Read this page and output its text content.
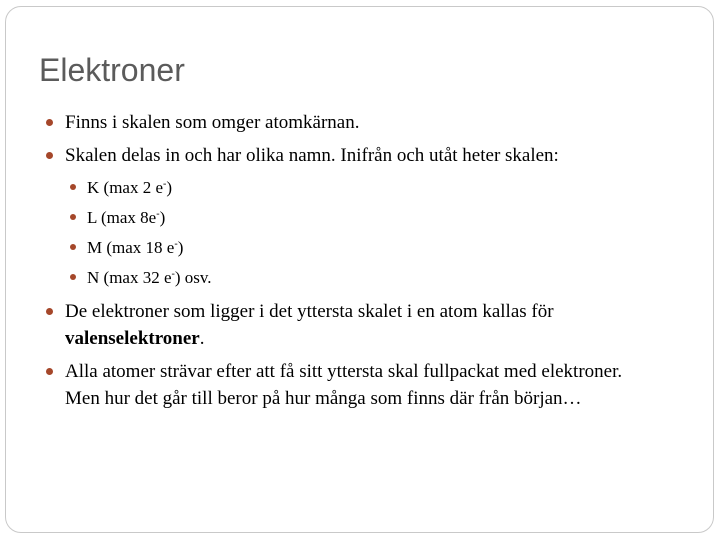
Elektroner
Finns i skalen som omger atomkärnan.
Skalen delas in och har olika namn. Inifrån och utåt heter skalen:
K (max 2 e-)
L (max 8e-)
M (max 18 e-)
N (max 32 e-) osv.
De elektroner som ligger i det yttersta skalet i en atom kallas för valenselektroner.
Alla atomer strävar efter att få sitt yttersta skal fullpackat med elektroner. Men hur det går till beror på hur många som finns där från början…
